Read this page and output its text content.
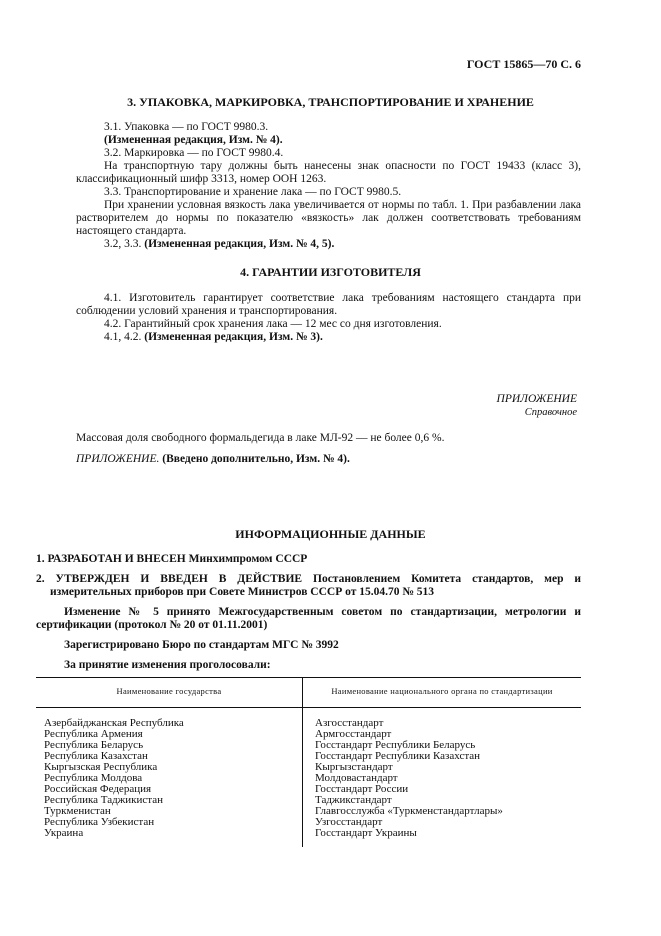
ГОСТ 15865—70 С. 6
3. УПАКОВКА, МАРКИРОВКА, ТРАНСПОРТИРОВАНИЕ И ХРАНЕНИЕ

3.1. Упаковка — по ГОСТ 9980.3.

(Измененная редакция, Изм. № 4).

3.2. Маркировка — по ГОСТ 9980.4.

На транспортную тару должны быть нанесены знак опасности по ГОСТ 19433 (класс 3), классификационный шифр 3313, номер ООН 1263.

3.3. Транспортирование и хранение лака — по ГОСТ 9980.5.

При хранении условная вязкость лака увеличивается от нормы по табл. 1. При разбавлении лака растворителем до нормы по показателю «вязкость» лак должен соответствовать требованиям настоящего стандарта.

3.2, 3.3. (Измененная редакция, Изм. № 4, 5).

4. ГАРАНТИИ ИЗГОТОВИТЕЛЯ

4.1. Изготовитель гарантирует соответствие лака требованиям настоящего стандарта при соблюдении условий хранения и транспортирования.

4.2. Гарантийный срок хранения лака — 12 мес со дня изготовления.

4.1, 4.2. (Измененная редакция, Изм. № 3).

ПРИЛОЖЕНИЕ
Справочное

Массовая доля свободного формальдегида в лаке МЛ-92 — не более 0,6 %.

ПРИЛОЖЕНИЕ. (Введено дополнительно, Изм. № 4).

ИНФОРМАЦИОННЫЕ ДАННЫЕ
1. РАЗРАБОТАН И ВНЕСЕН Минхимпромом СССР
2. УТВЕРЖДЕН И ВВЕДЕН В ДЕЙСТВИЕ Постановлением Комитета стандартов, мер и измерительных приборов при Совете Министров СССР от 15.04.70 № 513
Изменение № 5 принято Межгосударственным советом по стандартизации, метрологии и сертификации (протокол № 20 от 01.11.2001)
Зарегистрировано Бюро по стандартам МГС № 3992
За принятие изменения проголосовали:
Наименование государства	Наименование национального органа по стандартизации
Азербайджанская Республика	Азгосстандарт
Республика Армения	Армгосстандарт
Республика Беларусь	Госстандарт Республики Беларусь
Республика Казахстан	Госстандарт Республики Казахстан
Кыргызская Республика	Кыргызстандарт
Республика Молдова	Молдовастандарт
Российская Федерация	Госстандарт России
Республика Таджикистан	Таджикстандарт
Туркменистан	Главгосслужба «Туркменстандартлары»
Республика Узбекистан	Узгосстандарт
Украина	Госстандарт Украины
